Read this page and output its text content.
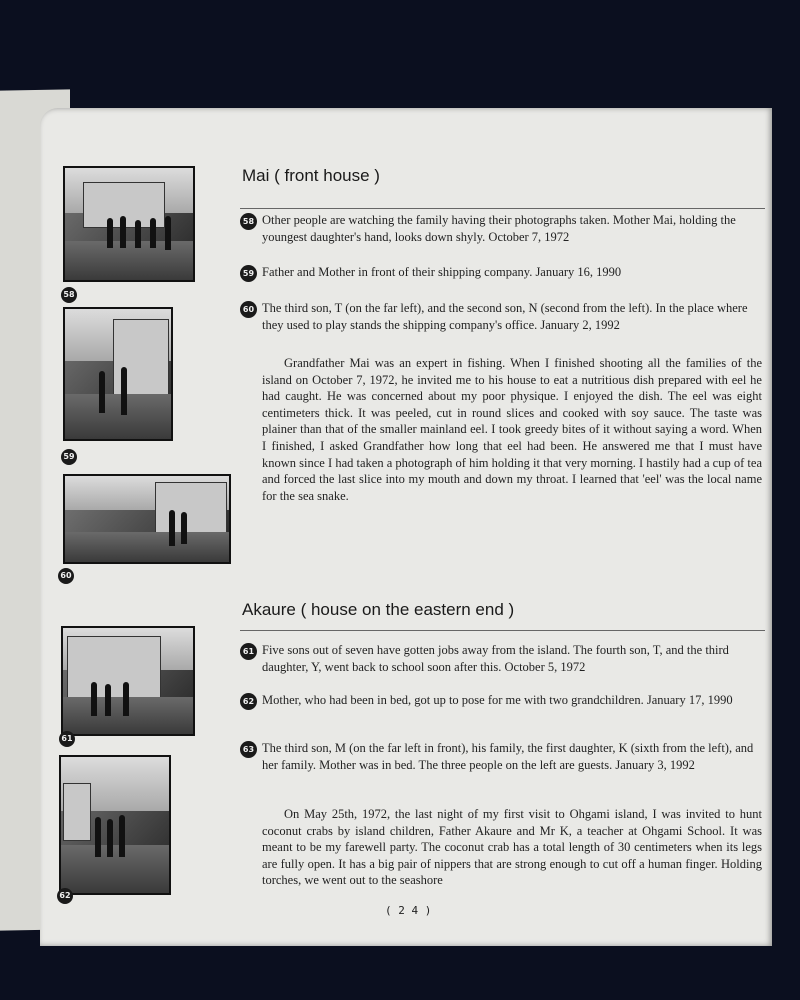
58
59
60
61
62
Mai ( front house )
58 Other people are watching the family having their photographs taken. Mother Mai, holding the youngest daughter's hand, looks down shyly. October 7, 1972
59 Father and Mother in front of their shipping company. January 16, 1990
60 The third son, T (on the far left), and the second son, N (second from the left). In the place where they used to play stands the shipping company's office. January 2, 1992
Grandfather Mai was an expert in fishing. When I finished shooting all the families of the island on October 7, 1972, he invited me to his house to eat a nutritious dish prepared with eel he had caught. He was concerned about my poor physique. I enjoyed the dish. The eel was eight centimeters thick. It was peeled, cut in round slices and cooked with soy sauce. The taste was plainer than that of the smaller mainland eel. I took greedy bites of it without saying a word. When I finished, I asked Grandfather how long that eel had been. He answered me that I must have known since I had taken a photograph of him holding it that very morning. I hastily had a cup of tea and forced the last slice into my mouth and down my throat. I learned that 'eel' was the local name for the sea snake.
Akaure ( house on the eastern end )
61 Five sons out of seven have gotten jobs away from the island. The fourth son, T, and the third daughter, Y, went back to school soon after this. October 5, 1972
62 Mother, who had been in bed, got up to pose for me with two grandchildren. January 17, 1990
63 The third son, M (on the far left in front), his family, the first daughter, K (sixth from the left), and her family. Mother was in bed. The three people on the left are guests. January 3, 1992
On May 25th, 1972, the last night of my first visit to Ohgami island, I was invited to hunt coconut crabs by island children, Father Akaure and Mr K, a teacher at Ohgami School. It was meant to be my farewell party. The coconut crab has a total length of 30 centimeters when its legs are fully open. It has a big pair of nippers that are strong enough to cut off a human finger. Holding torches, we went out to the seashore
( 2 4 )
